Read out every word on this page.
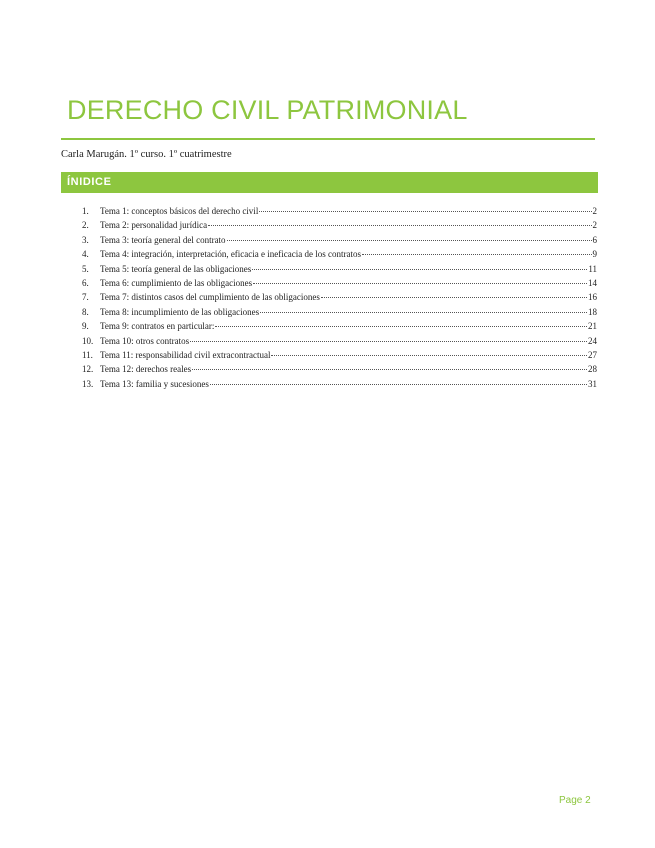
DERECHO CIVIL PATRIMONIAL
Carla Marugán. 1º curso. 1º cuatrimestre
ÍNIDICE
1.	Tema 1: conceptos básicos del derecho civil	2
2.	Tema 2: personalidad jurídica	2
3.	Tema 3: teoría general del contrato	6
4.	Tema 4: integración, interpretación, eficacia e ineficacia de los contratos	9
5.	Tema 5: teoría general de las obligaciones	11
6.	Tema 6: cumplimiento de las obligaciones	14
7.	Tema 7: distintos casos del cumplimiento de las obligaciones	16
8.	Tema 8: incumplimiento de las obligaciones	18
9.	Tema 9: contratos en particular:	21
10. Tema 10: otros contratos	24
11. Tema 11: responsabilidad civil extracontractual	27
12. Tema 12: derechos reales	28
13. Tema 13: familia y sucesiones	31
Page 2
